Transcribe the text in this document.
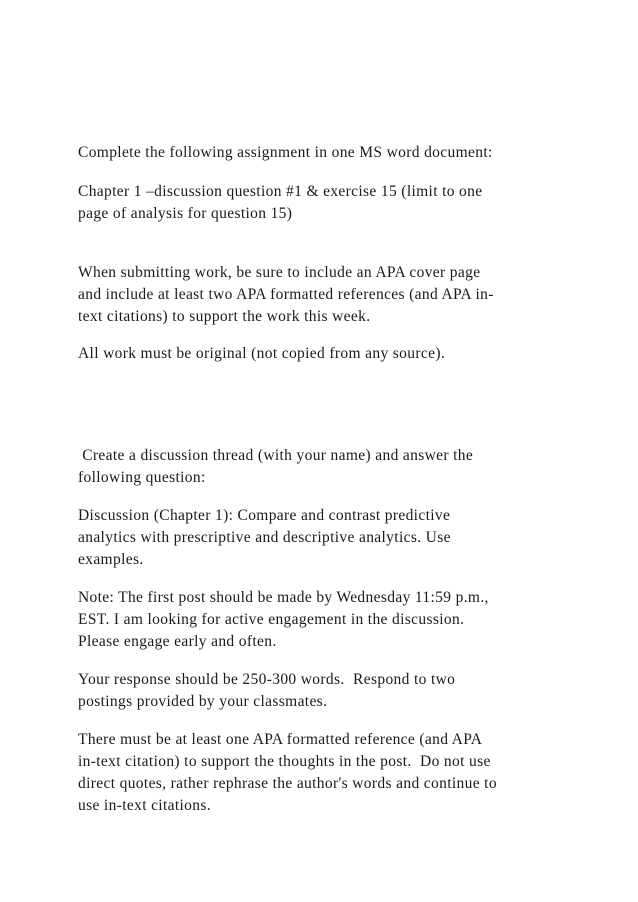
Complete the following assignment in one MS word document:
Chapter 1 –discussion question #1 & exercise 15 (limit to one
page of analysis for question 15)
When submitting work, be sure to include an APA cover page
and include at least two APA formatted references (and APA in-
text citations) to support the work this week.
All work must be original (not copied from any source).
Create a discussion thread (with your name) and answer the
following question:
Discussion (Chapter 1): Compare and contrast predictive
analytics with prescriptive and descriptive analytics. Use
examples.
Note: The first post should be made by Wednesday 11:59 p.m.,
EST. I am looking for active engagement in the discussion.
Please engage early and often.
Your response should be 250-300 words.  Respond to two
postings provided by your classmates.
There must be at least one APA formatted reference (and APA
in-text citation) to support the thoughts in the post.  Do not use
direct quotes, rather rephrase the author's words and continue to
use in-text citations.
